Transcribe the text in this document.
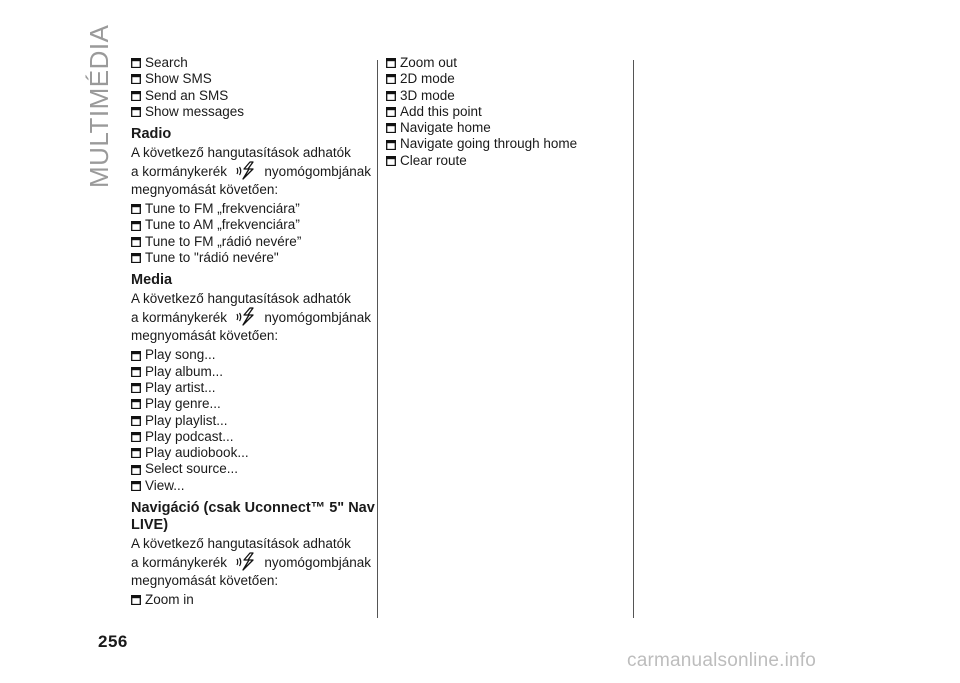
MULTIMÉDIA Search
Show SMS
Send an SMS
Show messages
Radio
A következő hangutasítások adhatók
a kormánykerék	nyomógombjának
megnyomását követően:
Tune to FM „frekvenciára”
Tune to AM „frekvenciára”
Tune to FM „rádió nevére”
Tune to "rádió nevére"
Media
A következő hangutasítások adhatók
a kormánykerék	nyomógombjának
megnyomását követően:
Play song...
Play album...
Play artist...
Play genre...
Play playlist...
Play podcast...
Play audiobook...
Select source...
View...
Navigáció (csak Uconnect™ 5" Nav
LIVE)
A következő hangutasítások adhatók
a kormánykerék	nyomógombjának
megnyomását követően:
Zoom in
Zoom out
2D mode
3D mode
Add this point
Navigate home
Navigate going through home
Clear route
256
carmanualsonline.info
